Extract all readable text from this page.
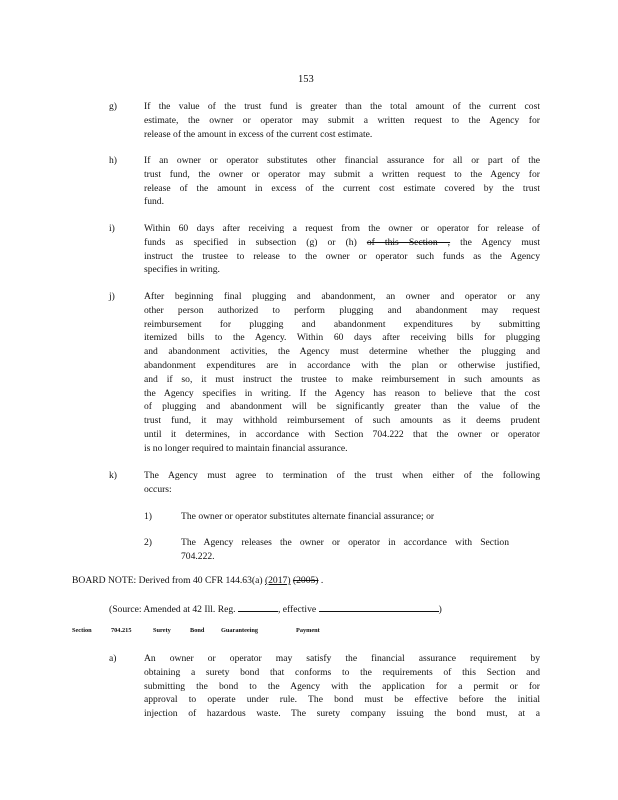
153
g)	If the value of the trust fund is greater than the total amount of the current cost
estimate, the owner or operator may submit a written request to the Agency for
release of the amount in excess of the current cost estimate.
h)	If an owner or operator substitutes other financial assurance for all or part of the
trust fund, the owner or operator may submit a written request to the Agency for
release of the amount in excess of the current cost estimate covered by the trust
fund.
i)	Within 60 days after receiving a request from the owner or operator for release of
funds as specified in subsection (g) or (h) of this Section , the Agency must
instruct the trustee to release to the owner or operator such funds as the Agency
specifies in writing.
j)	After beginning final plugging and abandonment, an owner and operator or any
other person authorized to perform plugging and abandonment may request
reimbursement for plugging and abandonment expenditures by submitting
itemized bills to the Agency. Within 60 days after receiving bills for plugging
and abandonment activities, the Agency must determine whether the plugging and
abandonment expenditures are in accordance with the plan or otherwise justified,
and if so, it must instruct the trustee to make reimbursement in such amounts as
the Agency specifies in writing. If the Agency has reason to believe that the cost
of plugging and abandonment will be significantly greater than the value of the
trust fund, it may withhold reimbursement of such amounts as it deems prudent
until it determines, in accordance with Section 704.222 that the owner or operator
is no longer required to maintain financial assurance.
k)	The Agency must agree to termination of the trust when either of the following
occurs:
1)	The owner or operator substitutes alternate financial assurance; or
2)	The Agency releases the owner or operator in accordance with Section
704.222.
BOARD NOTE: Derived from 40 CFR 144.63(a) (2017) (2005) .
(Source: Amended at 42 Ill. Reg.	, effective	)
Section	704.215	Surety	Bond	Guaranteeing	Payment
a)	An owner or operator may satisfy the financial assurance requirement by
obtaining a surety bond that conforms to the requirements of this Section and
submitting the bond to the Agency with the application for a permit or for
approval to operate under rule. The bond must be effective before the initial
injection of hazardous waste. The surety company issuing the bond must, at a
